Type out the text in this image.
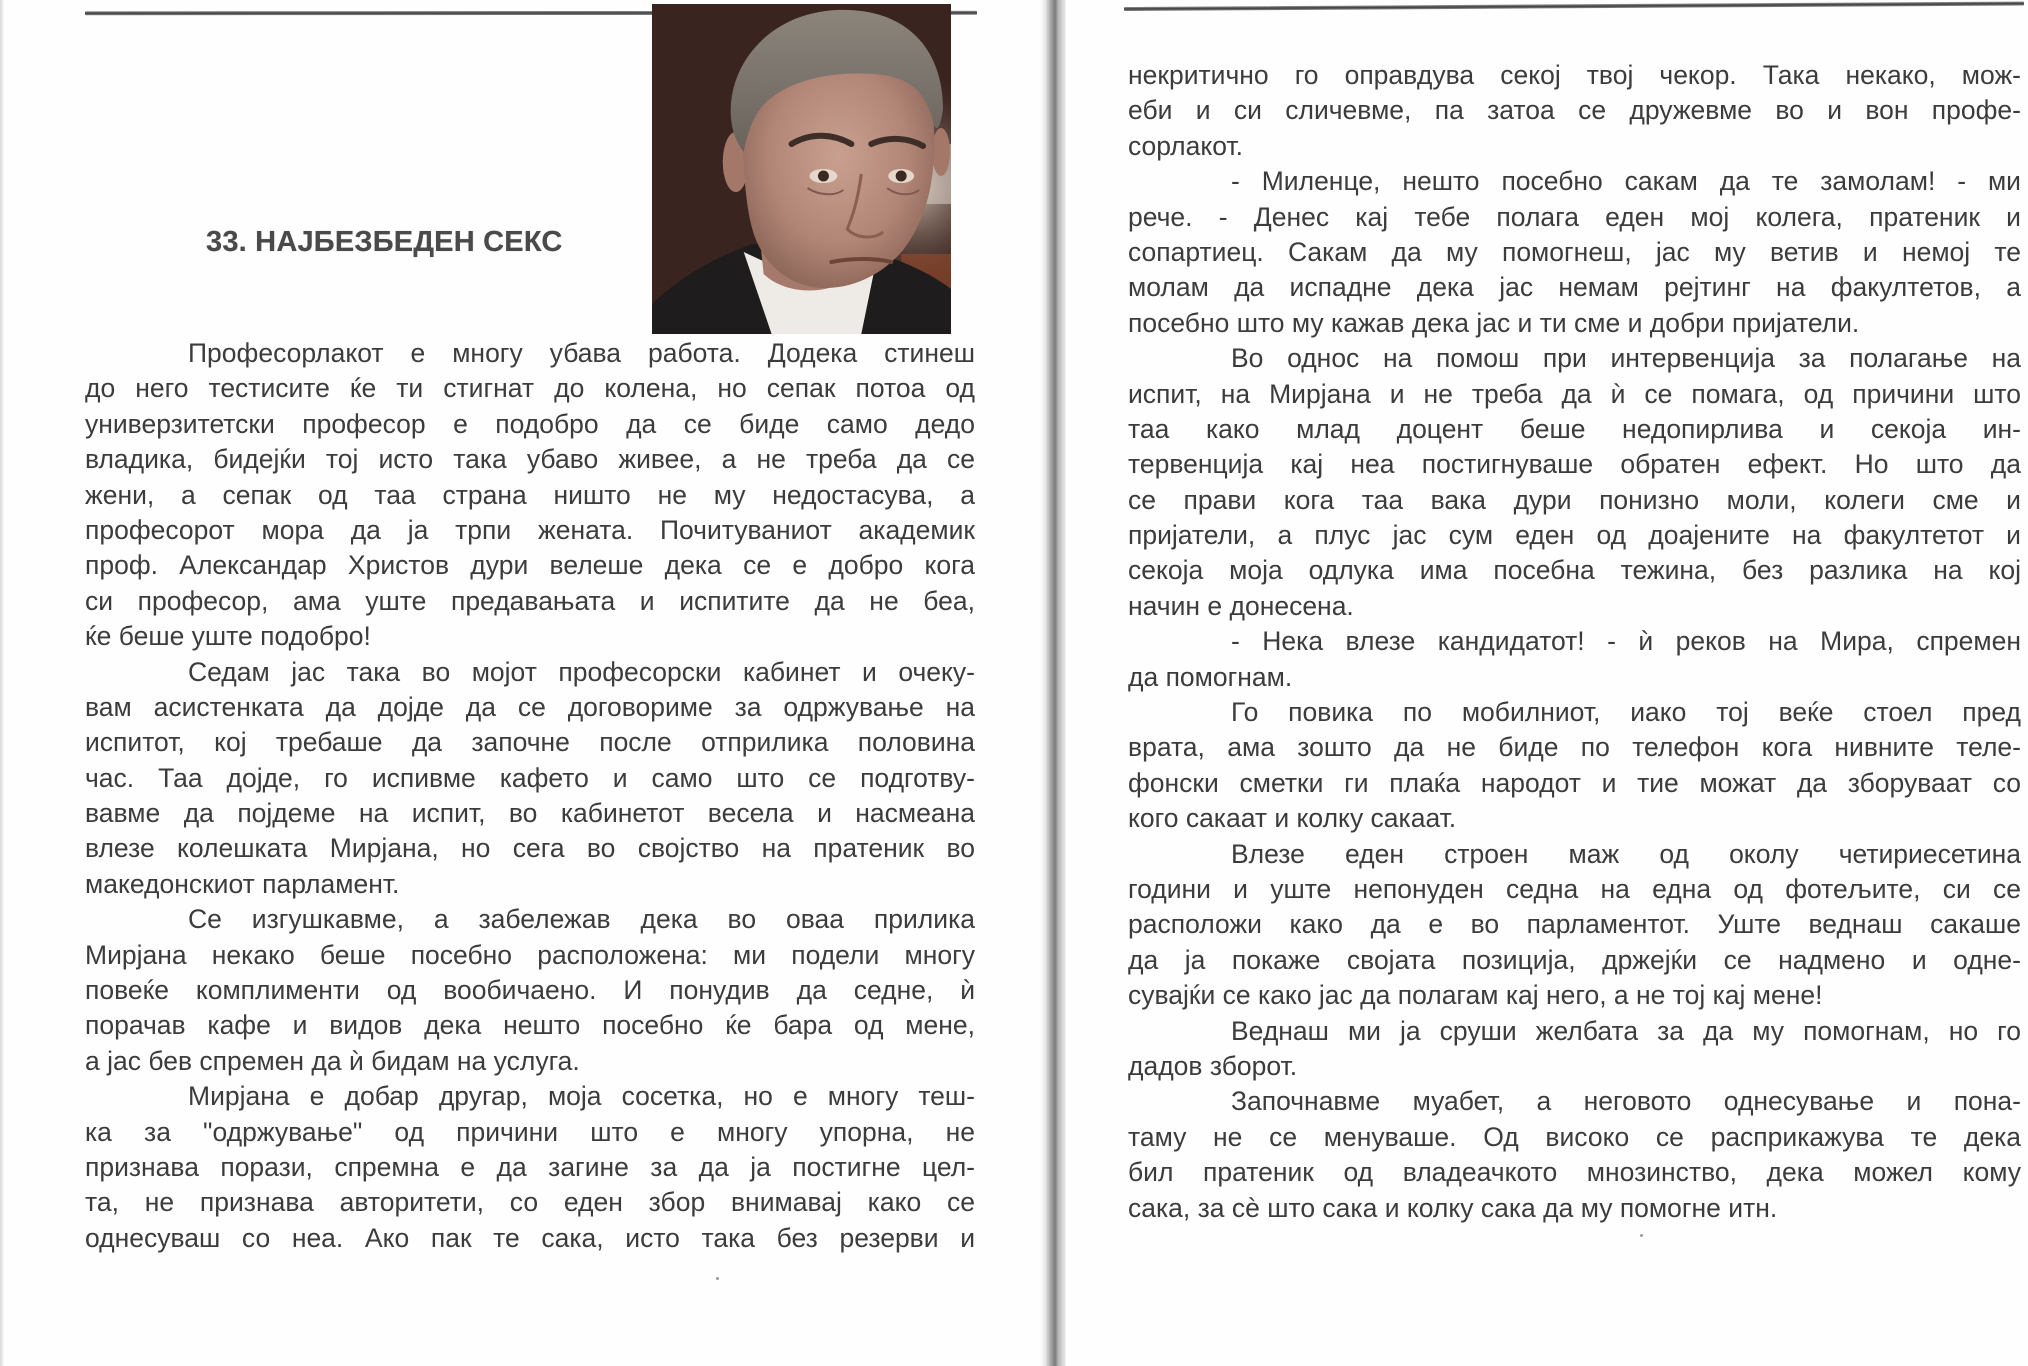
33. НАЈБЕЗБЕДЕН СЕКС
Професорлакот е многу убава работа. Додека стинеш
до него тестисите ќе ти стигнат до колена, но сепак потоа од
универзитетски професор е подобро да се биде само дедо
владика, бидејќи тој исто така убаво живее, а не треба да се
жени, а сепак од таа страна ништо не му недостасува, а
професорот мора да ја трпи жената. Почитуваниот академик
проф. Александар Христов дури велеше дека се е добро кога
си професор, ама уште предавањата и испитите да не беа,
ќе беше уште подобро!
Седам јас така во мојот професорски кабинет и очеку-
вам асистенката да дојде да се договориме за одржување на
испитот, кој требаше да започне после отприлика половина
час. Таа дојде, го испивме кафето и само што се подготву-
вавме да појдеме на испит, во кабинетот весела и насмеана
влезе колешката Мирјана, но сега во својство на пратеник во
македонскиот парламент.
Се изгушкавме, а забележав дека во оваа прилика
Мирјана некако беше посебно расположена: ми подели многу
повеќе комплименти од вообичаено. И понудив да седне, ѝ
порачав кафе и видов дека нешто посебно ќе бара од мене,
а јас бев спремен да ѝ бидам на услуга.
Мирјана е добар другар, моја сосетка, но е многу теш-
ка за "одржување" од причини што е многу упорна, не
признава порази, спремна е да загине за да ја постигне цел-
та, не признава авторитети, со еден збор внимавај како се
однесуваш со неа. Ако пак те сака, исто така без резерви и
некритично го оправдува секој твој чекор. Така некако, мож-
еби и си сличевме, па затоа се дружевме во и вон профе-
сорлакот.
- Миленце, нешто посебно сакам да те замолам! - ми
рече. - Денес кај тебе полага еден мој колега, пратеник и
сопартиец. Сакам да му помогнеш, јас му ветив и немој те
молам да испадне дека јас немам рејтинг на факултетов, а
посебно што му кажав дека јас и ти сме и добри пријатели.
Во однос на помош при интервенција за полагање на
испит, на Мирјана и не треба да ѝ се помага, од причини што
таа како млад доцент беше недопирлива и секоја ин-
тервенција кај неа постигнуваше обратен ефект. Но што да
се прави кога таа вака дури понизно моли, колеги сме и
пријатели, а плус јас сум еден од доајените на факултетот и
секоја моја одлука има посебна тежина, без разлика на кој
начин е донесена.
- Нека влезе кандидатот! - ѝ реков на Мира, спремен
да помогнам.
Го повика по мобилниот, иако тој веќе стоел пред
врата, ама зошто да не биде по телефон кога нивните теле-
фонски сметки ги плаќа народот и тие можат да зборуваат со
кого сакаат и колку сакаат.
Влезе еден строен маж од околу четириесетина
години и уште непонуден седна на една од фотељите, си се
расположи како да е во парламентот. Уште веднаш сакаше
да ја покаже својата позиција, држејќи се надмено и одне-
сувајќи се како јас да полагам кај него, а не тој кај мене!
Веднаш ми ја сруши желбата за да му помогнам, но го
дадов зборот.
Започнавме муабет, а неговото однесување и пона-
таму не се менуваше. Од високо се расприкажува те дека
бил пратеник од владеачкото мнозинство, дека можел кому
сака, за сѐ што сака и колку сака да му помогне итн.
